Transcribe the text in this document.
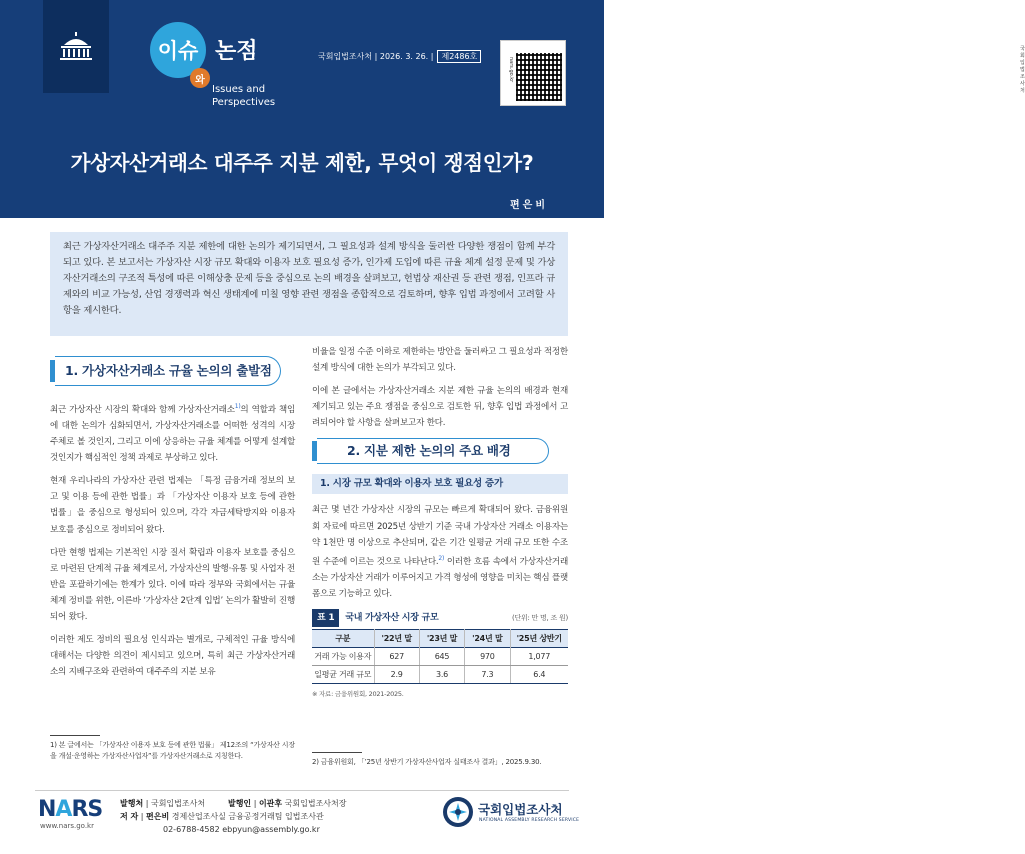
이슈
와
논점
Issues and
Perspectives
국회입법조사처 | 2026. 3. 26. |	제2486호
국회입법조사처
nars.go.kr
가상자산거래소 대주주 지분 제한, 무엇이 쟁점인가?
편은비
최근 가상자산거래소 대주주 지분 제한에 대한 논의가 제기되면서, 그 필요성과 설계 방식을 둘러싼 다양한 쟁점이 함께 부각되고 있다. 본 보고서는 가상자산 시장 규모 확대와 이용자 보호 필요성 증가, 인가제 도입에 따른 규율 체계 설정 문제 및 가상자산거래소의 구조적 특성에 따른 이해상충 문제 등을 중심으로 논의 배경을 살펴보고, 헌법상 재산권 등 관련 쟁점, 인프라 규제와의 비교 가능성, 산업 경쟁력과 혁신 생태계에 미칠 영향 관련 쟁점을 종합적으로 검토하며, 향후 입법 과정에서 고려할 사항을 제시한다.
1. 가상자산거래소 규율 논의의 출발점

최근 가상자산 시장의 확대와 함께 가상자산거래소$^{1)}$의 역할과 책임에 대한 논의가 심화되면서, 가상자산거래소를 어떠한 성격의 시장 주체로 볼 것인지, 그리고 이에 상응하는 규율 체계를 어떻게 설계할 것인지가 핵심적인 정책 과제로 부상하고 있다.

현재 우리나라의 가상자산 관련 법제는 「특정 금융거래 정보의 보고 및 이용 등에 관한 법률」과 「가상자산 이용자 보호 등에 관한 법률」을 중심으로 형성되어 있으며, 각각 자금세탁방지와 이용자 보호를 중심으로 정비되어 왔다.

다만 현행 법제는 기본적인 시장 질서 확립과 이용자 보호를 중심으로 마련된 단계적 규율 체계로서, 가상자산의 발행·유통 및 사업자 전반을 포괄하기에는 한계가 있다. 이에 따라 정부와 국회에서는 규율 체계 정비를 위한, 이른바 ‘가상자산 2단계 입법’ 논의가 활발히 진행되어 왔다.

이러한 제도 정비의 필요성 인식과는 별개로, 구체적인 규율 방식에 대해서는 다양한 의견이 제시되고 있으며, 특히 최근 가상자산거래소의 지배구조와 관련하여 대주주의 지분 보유

비율을 일정 수준 이하로 제한하는 방안을 둘러싸고 그 필요성과 적정한 설계 방식에 대한 논의가 부각되고 있다.

이에 본 글에서는 가상자산거래소 지분 제한 규율 논의의 배경과 현재 제기되고 있는 주요 쟁점을 중심으로 검토한 뒤, 향후 입법 과정에서 고려되어야 할 사항을 살펴보고자 한다.

2. 지분 제한 논의의 주요 배경
1. 시장 규모 확대와 이용자 보호 필요성 증가

최근 몇 년간 가상자산 시장의 규모는 빠르게 확대되어 왔다. 금융위원회 자료에 따르면 2025년 상반기 기준 국내 가상자산 거래소 이용자는 약 1천만 명 이상으로 추산되며, 같은 기간 일평균 거래 규모 또한 수조 원 수준에 이르는 것으로 나타난다.$^{2)}$ 이러한 흐름 속에서 가상자산거래소는 가상자산 거래가 이루어지고 가격 형성에 영향을 미치는 핵심 플랫폼으로 기능하고 있다.

표 1	국내 가상자산 시장 규모	(단위: 만 명, 조 원)
구분	'22년 말	'23년 말	'24년 말	'25년 상반기
거래 가능 이용자	627	645	970	1,077
일평균 거래 규모	2.9	3.6	7.3	6.4
※ 자료: 금융위원회, 2021-2025.
1) 본 글에서는 「가상자산 이용자 보호 등에 관한 법률」 제12조의 “가상자산 시장을 개설·운영하는 가상자산사업자”를 가상자산거래소로 지칭한다.
2) 금융위원회, 「’25년 상반기 가상자산사업자 실태조사 결과」, 2025.9.30.
NARS
www.nars.go.kr
발행처 | 국회입법조사처	발행인 | 이관후 국회입법조사처장
저 자 | 편은비 경제산업조사실 금융공정거래팀 입법조사관
02-6788-4582 ebpyun@assembly.go.kr
국회입법조사처
NATIONAL ASSEMBLY RESEARCH SERVICE
